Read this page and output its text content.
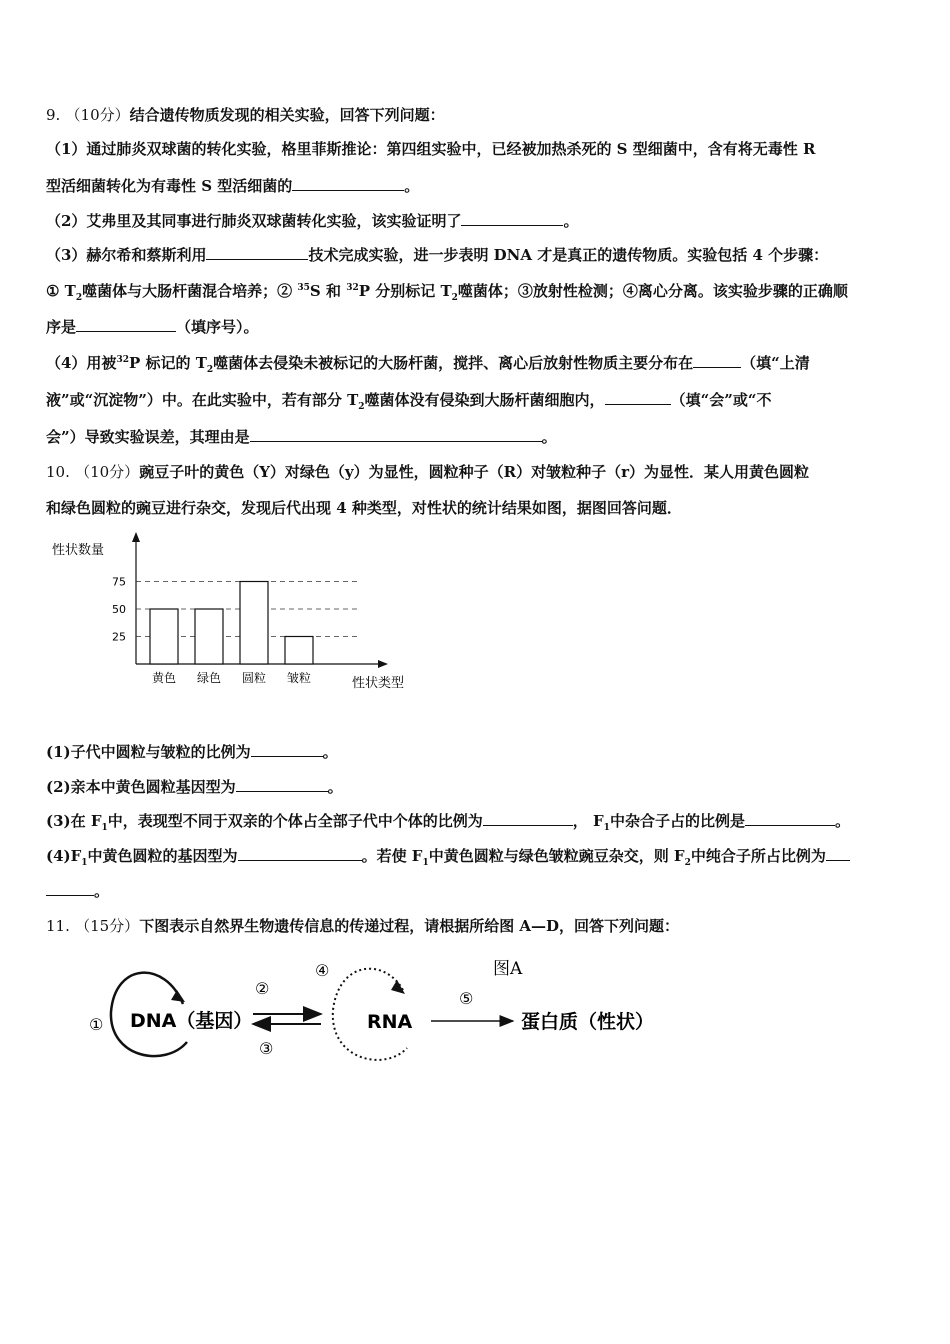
9. （10分）结合遗传物质发现的相关实验，回答下列问题：
（1）通过肺炎双球菌的转化实验，格里菲斯推论：第四组实验中，已经被加热杀死的 S 型细菌中，含有将无毒性 R
型活细菌转化为有毒性 S 型活细菌的	。
（2）艾弗里及其同事进行肺炎双球菌转化实验，该实验证明了	。
（3）赫尔希和蔡斯利用	技术完成实验，进一步表明 DNA 才是真正的遗传物质。实验包括 4 个步骤：
① $T_2$噬菌体与大肠杆菌混合培养；② $^{35}$S 和 $^{32}$P 分别标记 $T_2$噬菌体；③放射性检测；④离心分离。该实验步骤的正确顺
序是	（填序号）。
（4）用被$^{32}$P 标记的 $T_2$噬菌体去侵染未被标记的大肠杆菌，搅拌、离心后放射性物质主要分布在	（填“上清
液”或“沉淀物”）中。在此实验中，若有部分 $T_2$噬菌体没有侵染到大肠杆菌细胞内，	（填“会”或“不
会”）导致实验误差，其理由是	。
10. （10分）豌豆子叶的黄色（Y）对绿色（y）为显性，圆粒种子（R）对皱粒种子（r）为显性．某人用黄色圆粒
和绿色圆粒的豌豆进行杂交，发现后代出现 4 种类型，对性状的统计结果如图，据图回答问题．
性状数量
性状类型
25
50
75
黄色 绿色 圆粒 皱粒
(1)子代中圆粒与皱粒的比例为	。
(2)亲本中黄色圆粒基因型为	。
(3)在 $F_1$中，表现型不同于双亲的个体占全部子代中个体的比例为	， $F_1$中杂合子占的比例是	。
$(4)F_1$中黄色圆粒的基因型为	。若使 $F_1$中黄色圆粒与绿色皱粒豌豆杂交，则 $F_2$中纯合子所占比例为
。
11. （15分）下图表示自然界生物遗传信息的传递过程，请根据所给图 A—D，回答下列问题：
图A
① DNA（基因）
②
③
④
RNA
⑤
蛋白质（性状）
